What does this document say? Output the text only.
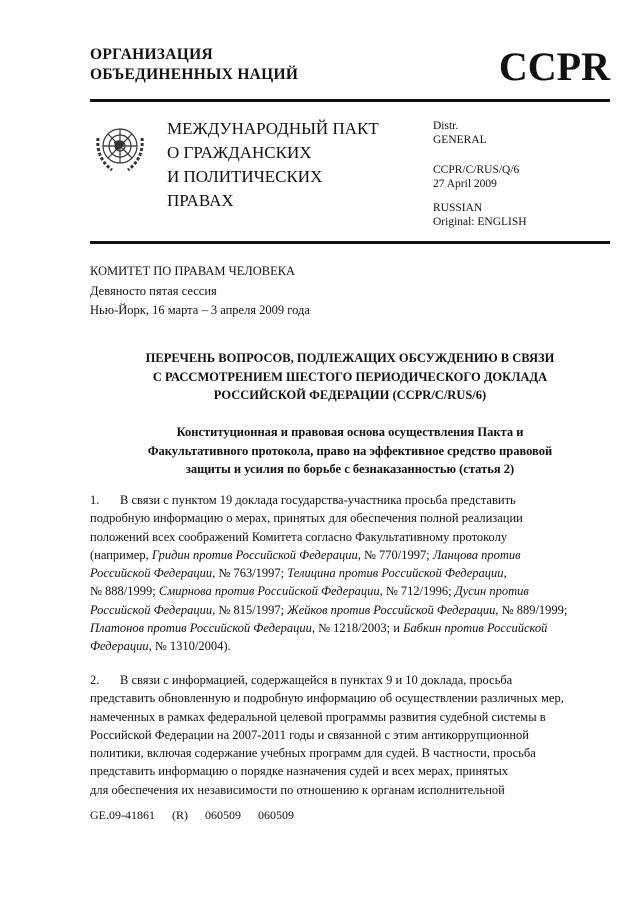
ОРГАНИЗАЦИЯ
ОБЪЕДИНЕННЫХ НАЦИЙ	CCPR
МЕЖДУНАРОДНЫЙ ПАКТ
О ГРАЖДАНСКИХ
И ПОЛИТИЧЕСКИХ
ПРАВАХ
Distr.
GENERAL
CCPR/C/RUS/Q/6
27 April 2009
RUSSIAN
Original: ENGLISH
КОМИТЕТ ПО ПРАВАМ ЧЕЛОВЕКА
Девяносто пятая сессия
Нью-Йорк, 16 марта – 3 апреля 2009 года
ПЕРЕЧЕНЬ ВОПРОСОВ, ПОДЛЕЖАЩИХ ОБСУЖДЕНИЮ В СВЯЗИ
С РАССМОТРЕНИЕМ ШЕСТОГО ПЕРИОДИЧЕСКОГО ДОКЛАДА
РОССИЙСКОЙ ФЕДЕРАЦИИ (CCPR/C/RUS/6)
Конституционная и правовая основа осуществления Пакта и
Факультативного протокола, право на эффективное средство правовой
защиты и усилия по борьбе с безнаказанностью (статья 2)
1. В связи с пунктом 19 доклада государства-участника просьба представить
подробную информацию о мерах, принятых для обеспечения полной реализации
положений всех соображений Комитета согласно Факультативному протоколу
(например, Гридин против Российской Федерации, № 770/1997; Ланцова против
Российской Федерации, № 763/1997; Телицина против Российской Федерации,
№ 888/1999; Смирнова против Российской Федерации, № 712/1996; Дусин против
Российской Федерации, № 815/1997; Жейков против Российской Федерации, № 889/1999;
Платонов против Российской Федерации, № 1218/2003; и Бабкин против Российской
Федерации, № 1310/2004).
2. В связи с информацией, содержащейся в пунктах 9 и 10 доклада, просьба
представить обновленную и подробную информацию об осуществлении различных мер,
намеченных в рамках федеральной целевой программы развития судебной системы в
Российской Федерации на 2007-2011 годы и связанной с этим антикоррупционной
политики, включая содержание учебных программ для судей. В частности, просьба
представить информацию о порядке назначения судей и всех мерах, принятых
для обеспечения их независимости по отношению к органам исполнительной
GE.09-41861 (R) 060509 060509
